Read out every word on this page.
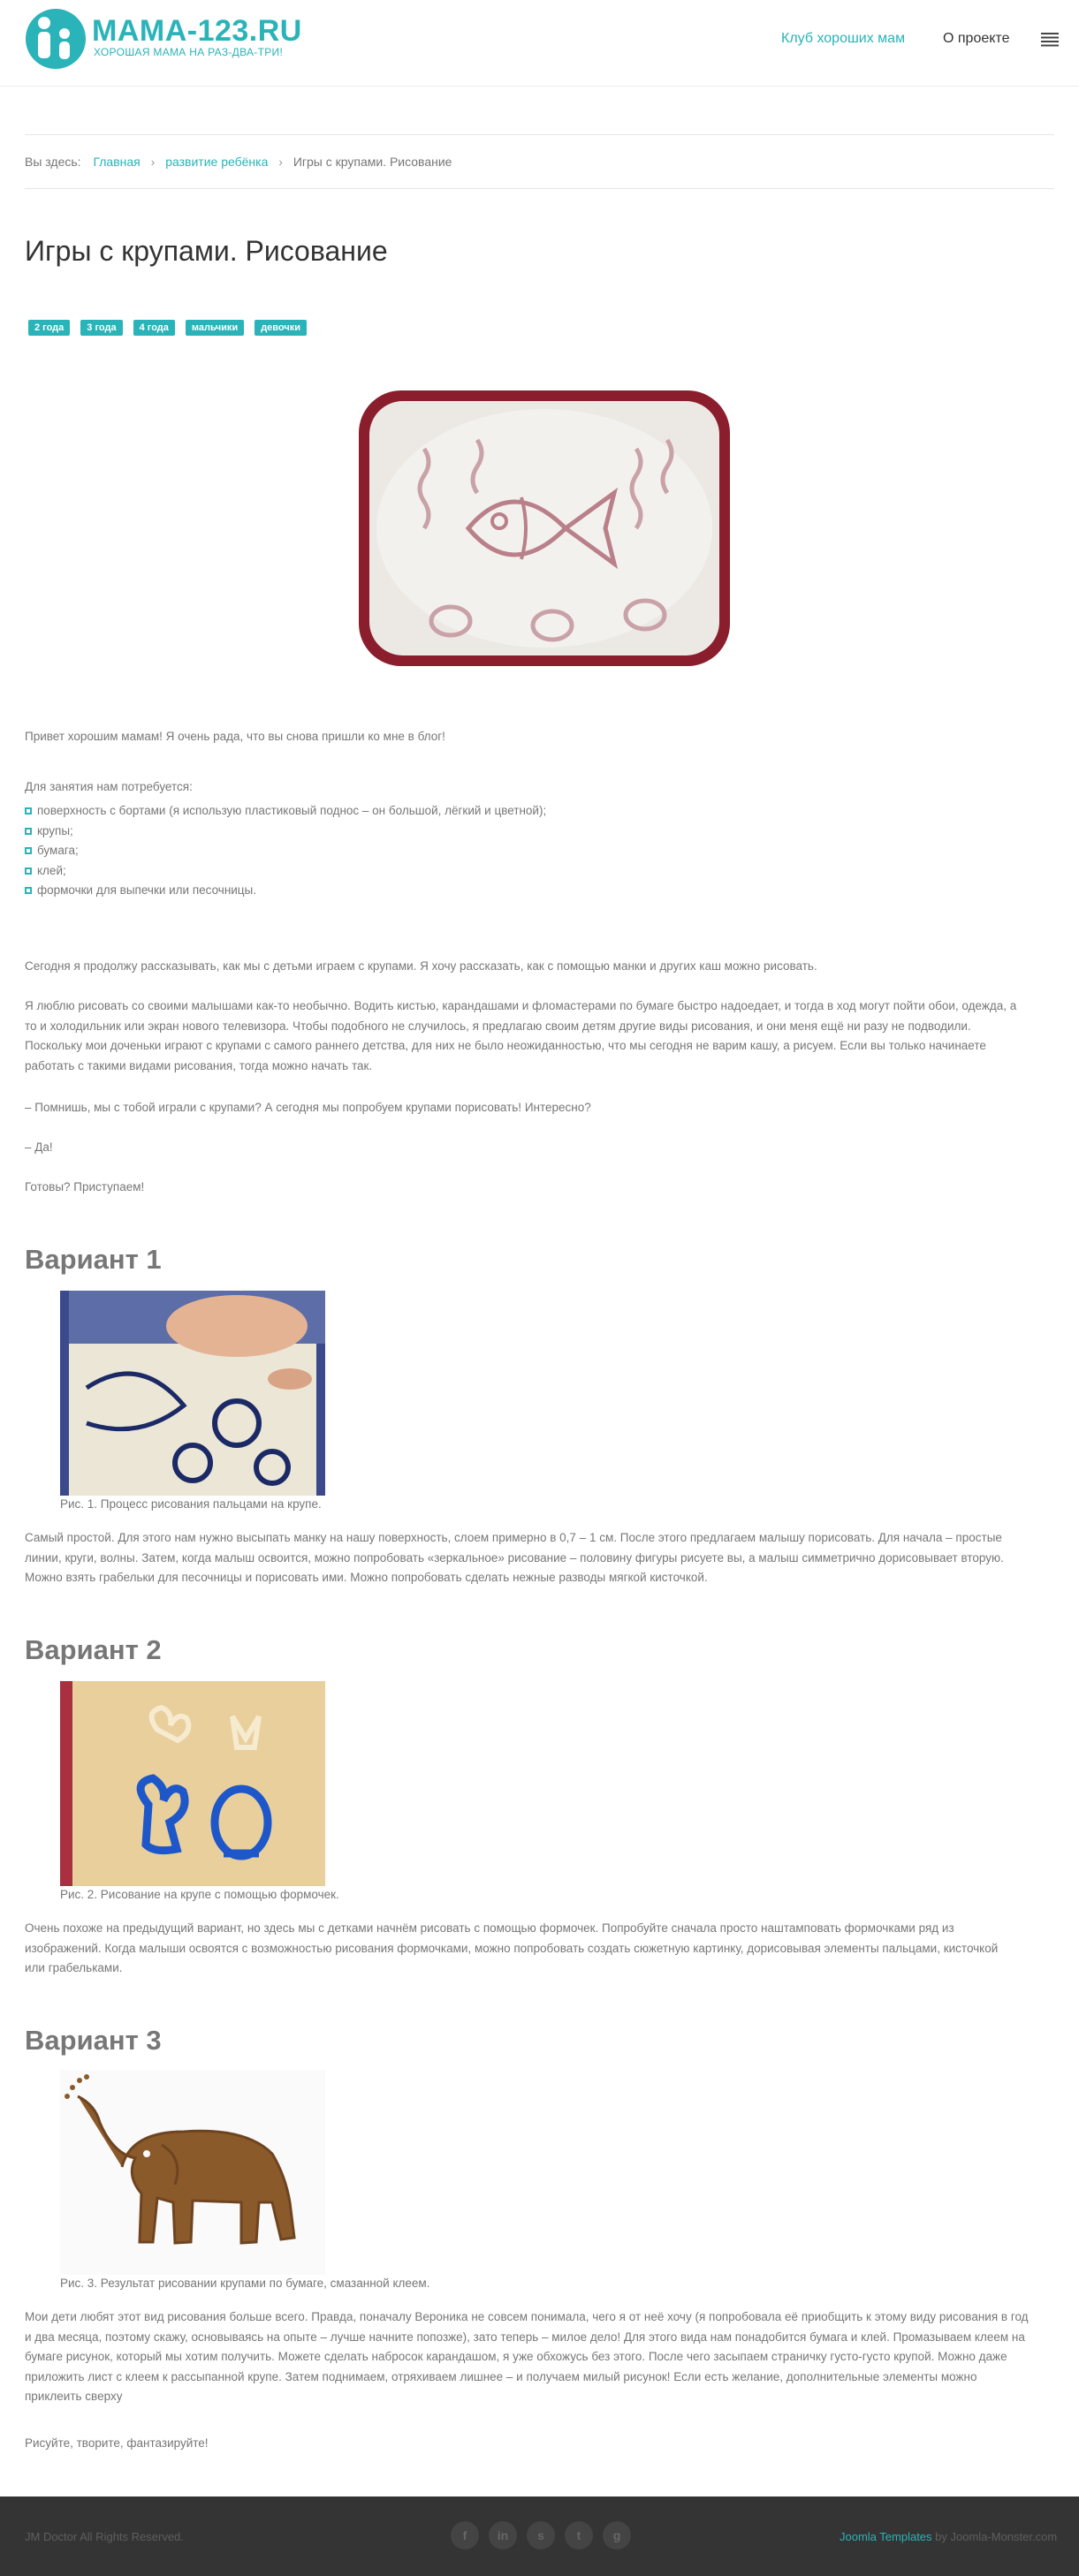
MAMA-123.RU
ХОРОШАЯ МАМА НА РАЗ-ДВА-ТРИ!
Клуб хороших мам	О проекте
Вы здесь: Главная › развитие ребёнка › Игры с крупами. Рисование
Игры с крупами. Рисование
2 года	3 года	4 года	мальчики	девочки

Привет хорошим мамам! Я очень рада, что вы снова пришли ко мне в блог!

Для занятия нам потребуется:

поверхность с бортами (я использую пластиковый поднос – он большой, лёгкий и цветной);
крупы;
бумага;
клей;
формочки для выпечки или песочницы.

Сегодня я продолжу рассказывать, как мы с детьми играем с крупами. Я хочу рассказать, как с помощью манки и других каш можно рисовать.

Я люблю рисовать со своими малышами как-то необычно. Водить кистью, карандашами и фломастерами по бумаге быстро надоедает, и тогда в ход могут пойти обои, одежда, а
то и холодильник или экран нового телевизора. Чтобы подобного не случилось, я предлагаю своим детям другие виды рисования, и они меня ещё ни разу не подводили.
Поскольку мои доченьки играют с крупами с самого раннего детства, для них не было неожиданностью, что мы сегодня не варим кашу, а рисуем. Если вы только начинаете
работать с такими видами рисования, тогда можно начать так.

– Помнишь, мы с тобой играли с крупами? А сегодня мы попробуем крупами порисовать! Интересно?

– Да!

Готовы? Приступаем!

Вариант 1
Рис. 1. Процесс рисования пальцами на крупе.
Самый простой. Для этого нам нужно высыпать манку на нашу поверхность, слоем примерно в 0,7 – 1 см. После этого предлагаем малышу порисовать. Для начала – простые
линии, круги, волны. Затем, когда малыш освоится, можно попробовать «зеркальное» рисование – половину фигуры рисуете вы, а малыш симметрично дорисовывает вторую.
Можно взять грабельки для песочницы и порисовать ими. Можно попробовать сделать нежные разводы мягкой кисточкой.
Вариант 2
Рис. 2. Рисование на крупе с помощью формочек.
Очень похоже на предыдущий вариант, но здесь мы с детками начнём рисовать с помощью формочек. Попробуйте сначала просто наштамповать формочками ряд из
изображений. Когда малыши освоятся с возможностью рисования формочками, можно попробовать создать сюжетную картинку, дорисовывая элементы пальцами, кисточкой
или грабельками.
Вариант 3
Рис. 3. Результат рисовании крупами по бумаге, смазанной клеем.
Мои дети любят этот вид рисования больше всего. Правда, поначалу Вероника не совсем понимала, чего я от неё хочу (я попробовала её приобщить к этому виду рисования в год
и два месяца, поэтому скажу, основываясь на опыте – лучше начните попозже), зато теперь – милое дело! Для этого вида нам понадобится бумага и клей. Промазываем клеем на
бумаге рисунок, который мы хотим получить. Можете сделать набросок карандашом, я уже обхожусь без этого. После чего засыпаем страничку густо-густо крупой. Можно даже
приложить лист с клеем к рассыпанной крупе. Затем поднимаем, отряхиваем лишнее – и получаем милый рисунок! Если есть желание, дополнительные элементы можно
приклеить сверху

Рисуйте, творите, фантазируйте!

JM Doctor All Rights Reserved.	f	in	s	t	g	Joomla Templates by Joomla-Monster.com
